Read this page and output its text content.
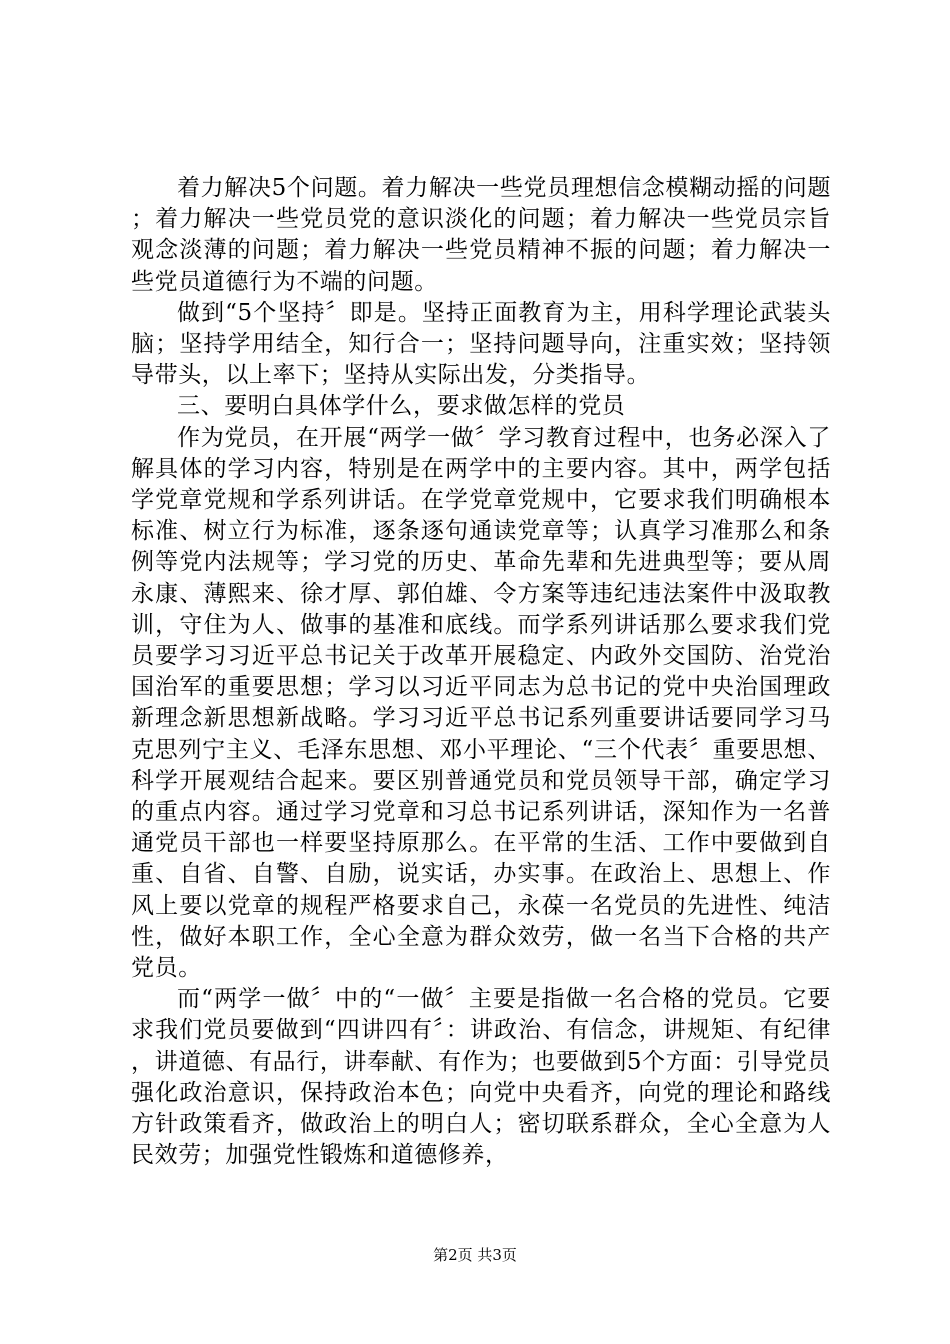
着力解决5个问题。着力解决一些党员理想信念模糊动摇的问题；着力解决一些党员党的意识淡化的问题；着力解决一些党员宗旨观念淡薄的问题；着力解决一些党员精神不振的问题；着力解决一些党员道德行为不端的问题。

做到“5个坚持〞即是。坚持正面教育为主，用科学理论武装头脑；坚持学用结全，知行合一；坚持问题导向，注重实效；坚持领导带头，以上率下；坚持从实际出发，分类指导。

三、要明白具体学什么，要求做怎样的党员

作为党员，在开展“两学一做〞学习教育过程中，也务必深入了解具体的学习内容，特别是在两学中的主要内容。其中，两学包括学党章党规和学系列讲话。在学党章党规中，它要求我们明确根本标准、树立行为标准，逐条逐句通读党章等；认真学习准那么和条例等党内法规等；学习党的历史、革命先辈和先进典型等；要从周永康、薄熙来、徐才厚、郭伯雄、令方案等违纪违法案件中汲取教训，守住为人、做事的基准和底线。而学系列讲话那么要求我们党员要学习习近平总书记关于改革开展稳定、内政外交国防、治党治国治军的重要思想；学习以习近平同志为总书记的党中央治国理政新理念新思想新战略。学习习近平总书记系列重要讲话要同学习马克思列宁主义、毛泽东思想、邓小平理论、“三个代表〞重要思想、科学开展观结合起来。要区别普通党员和党员领导干部，确定学习的重点内容。通过学习党章和习总书记系列讲话，深知作为一名普通党员干部也一样要坚持原那么。在平常的生活、工作中要做到自重、自省、自警、自励，说实话，办实事。在政治上、思想上、作风上要以党章的规程严格要求自己，永葆一名党员的先进性、纯洁性，做好本职工作，全心全意为群众效劳，做一名当下合格的共产党员。

而“两学一做〞中的“一做〞主要是指做一名合格的党员。它要求我们党员要做到“四讲四有〞：讲政治、有信念，讲规矩、有纪律，讲道德、有品行，讲奉献、有作为；也要做到5个方面：引导党员强化政治意识，保持政治本色；向党中央看齐，向党的理论和路线方针政策看齐，做政治上的明白人；密切联系群众，全心全意为人民效劳；加强党性锻炼和道德修养，

第2页 共3页
